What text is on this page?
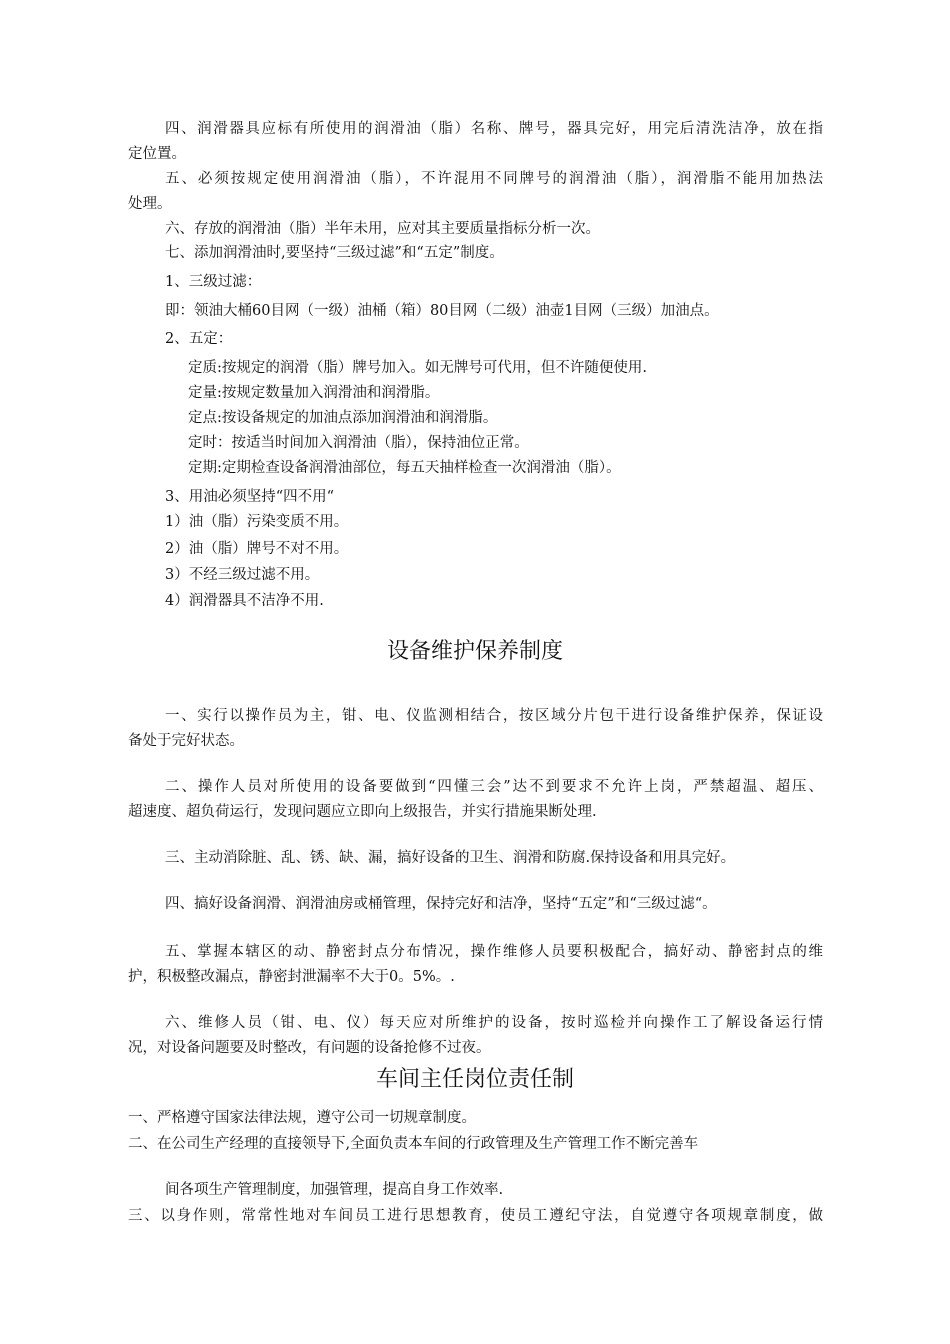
四、润滑器具应标有所使用的润滑油（脂）名称、牌号，器具完好，用完后清洗洁净，放在指
定位置。
五、必须按规定使用润滑油（脂），不许混用不同牌号的润滑油（脂），润滑脂不能用加热法
处理。
六、存放的润滑油（脂）半年未用，应对其主要质量指标分析一次。
七、添加润滑油时,要坚持“三级过滤”和“五定”制度。
1、三级过滤：
即：领油大桶60目网（一级）油桶（箱）80目网（二级）油壶1目网（三级）加油点。
2、五定：
定质:按规定的润滑（脂）牌号加入。如无牌号可代用，但不许随便使用.
定量:按规定数量加入润滑油和润滑脂。
定点:按设备规定的加油点添加润滑油和润滑脂。
定时：按适当时间加入润滑油（脂），保持油位正常。
定期:定期检查设备润滑油部位，每五天抽样检查一次润滑油（脂）。
3、用油必须坚持“四不用“
1）油（脂）污染变质不用。
2）油（脂）牌号不对不用。
3）不经三级过滤不用。
4）润滑器具不洁净不用.
设备维护保养制度
一、实行以操作员为主，钳、电、仪监测相结合，按区域分片包干进行设备维护保养，保证设
备处于完好状态。
二、操作人员对所使用的设备要做到“四懂三会”达不到要求不允许上岗，严禁超温、超压、
超速度、超负荷运行，发现问题应立即向上级报告，并实行措施果断处理.
三、主动消除脏、乱、锈、缺、漏，搞好设备的卫生、润滑和防腐.保持设备和用具完好。
四、搞好设备润滑、润滑油房或桶管理，保持完好和洁净，坚持“五定”和“三级过滤“。
五、掌握本辖区的动、静密封点分布情况，操作维修人员要积极配合，搞好动、静密封点的维
护，积极整改漏点，静密封泄漏率不大于0。5%。.
六、维修人员（钳、电、仪）每天应对所维护的设备，按时巡检并向操作工了解设备运行情
况，对设备问题要及时整改，有问题的设备抢修不过夜。
车间主任岗位责任制
一、严格遵守国家法律法规，遵守公司一切规章制度。
二、在公司生产经理的直接领导下,全面负责本车间的行政管理及生产管理工作不断完善车
间各项生产管理制度，加强管理，提高自身工作效率.
三、以身作则，常常性地对车间员工进行思想教育，使员工遵纪守法，自觉遵守各项规章制度，做
